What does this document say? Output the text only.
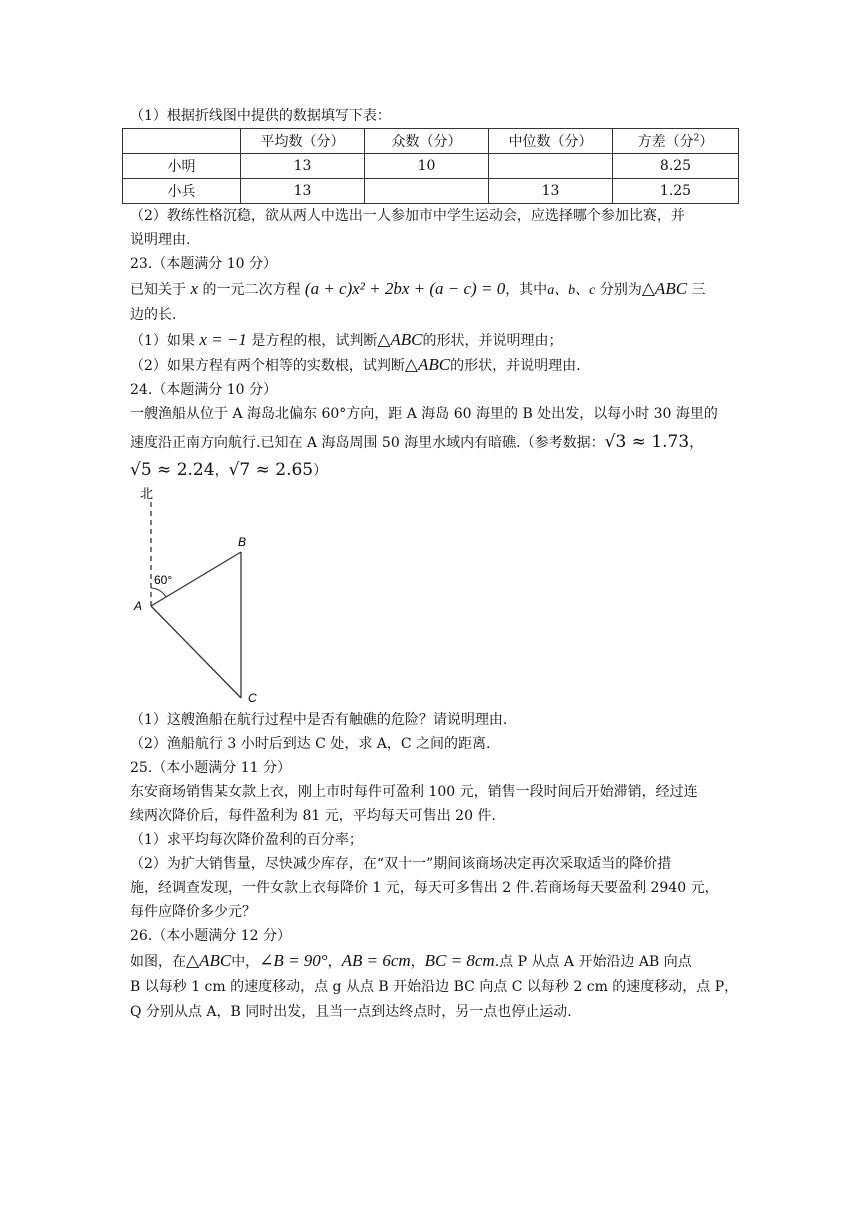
（1）根据折线图中提供的数据填写下表：
	平均数（分）	众数（分）	中位数（分）	方差（分$^2$）
小明	13	10		8.25
小兵	13		13	1.25
（2）教练性格沉稳，欲从两人中选出一人参加市中学生运动会，应选择哪个参加比赛，并
说明理由.
23.（本题满分 10 分）
已知关于 x 的一元二次方程 (a + c)x² + 2bx + (a − c) = 0，其中a、b、c 分别为△ABC 三
边的长.
（1）如果 x = −1 是方程的根，试判断△ABC的形状，并说明理由；
（2）如果方程有两个相等的实数根，试判断△ABC的形状，并说明理由.
24.（本题满分 10 分）
一艘渔船从位于 A 海岛北偏东 60°方向，距 A 海岛 60 海里的 B 处出发，以每小时 30 海里的
速度沿正南方向航行.已知在 A 海岛周围 50 海里水域内有暗礁.（参考数据：√3 ≈ 1.73，
√5 ≈ 2.24，√7 ≈ 2.65）
北
60°
A
B
C
（1）这艘渔船在航行过程中是否有触礁的危险？请说明理由.
（2）渔船航行 3 小时后到达 C 处，求 A，C 之间的距离.
25.（本小题满分 11 分）
东安商场销售某女款上衣，刚上市时每件可盈利 100 元，销售一段时间后开始滞销，经过连
续两次降价后，每件盈利为 81 元，平均每天可售出 20 件.
（1）求平均每次降价盈利的百分率；
（2）为扩大销售量，尽快减少库存，在“双十一”期间该商场决定再次采取适当的降价措
施，经调查发现，一件女款上衣每降价 1 元，每天可多售出 2 件.若商场每天要盈利 2940 元，
每件应降价多少元？
26.（本小题满分 12 分）
如图，在△ABC中，∠B = 90°，AB = 6cm，BC = 8cm.点 P 从点 A 开始沿边 AB 向点
B 以每秒 1 cm 的速度移动，点 g 从点 B 开始沿边 BC 向点 C 以每秒 2 cm 的速度移动，点 P，
Q 分别从点 A，B 同时出发，且当一点到达终点时，另一点也停止运动.
